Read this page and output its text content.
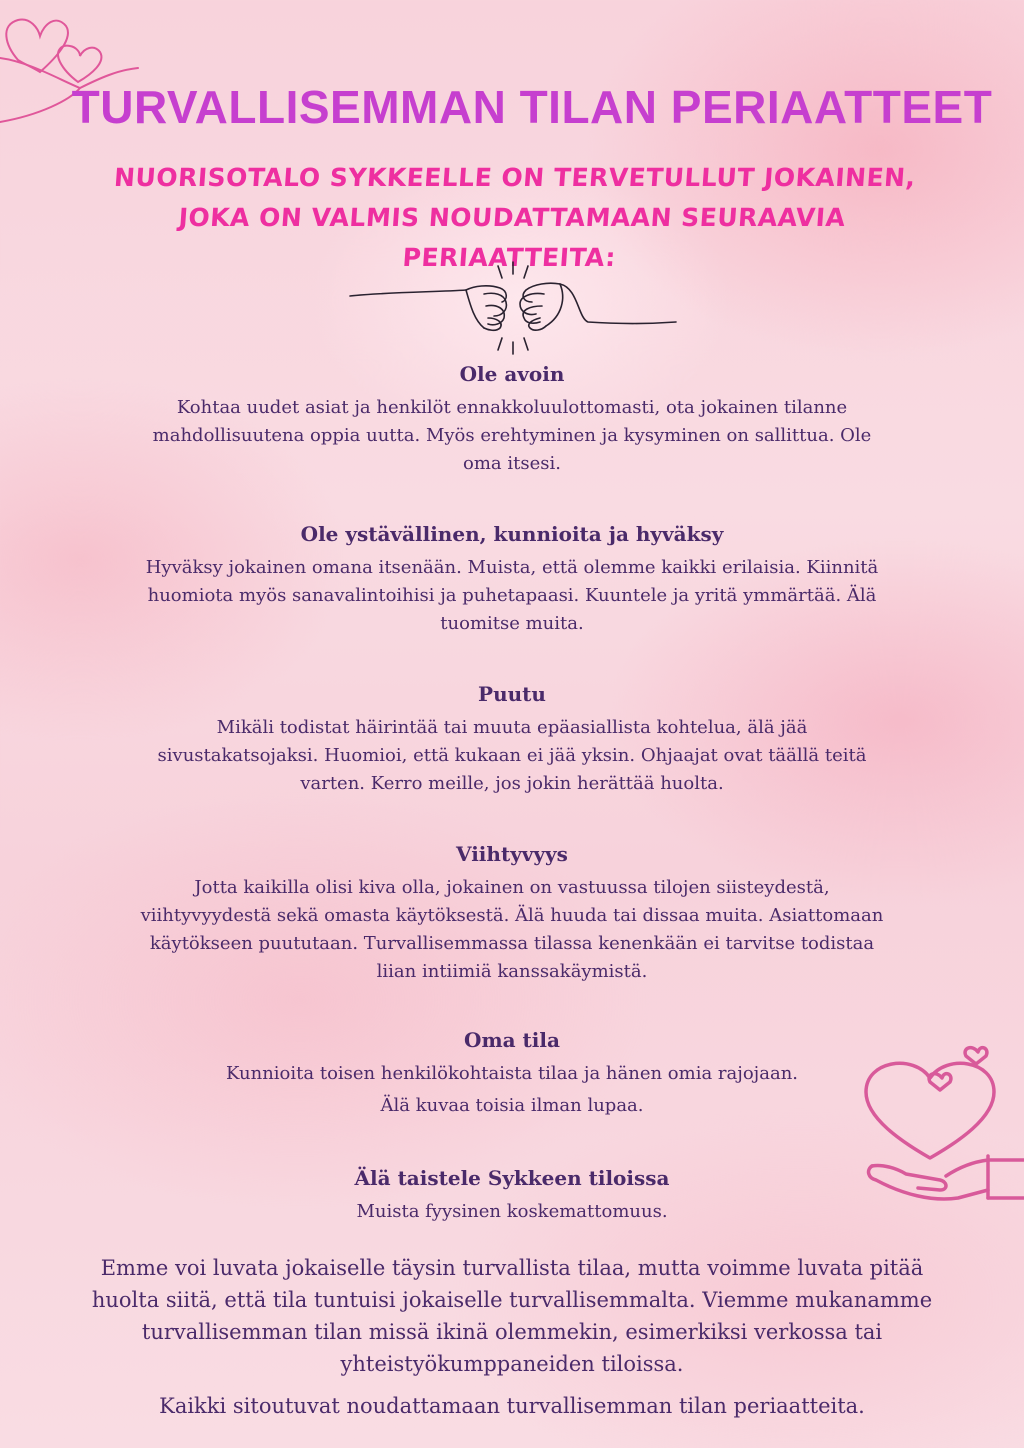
TURVALLISEMMAN TILAN PERIAATTEET
NUORISOTALO SYKKEELLE ON TERVETULLUT JOKAINEN, JOKA ON VALMIS NOUDATTAMAAN SEURAAVIA PERIAATTEITA:
Ole avoin

Kohtaa uudet asiat ja henkilöt ennakkoluulottomasti, ota jokainen tilanne mahdollisuutena oppia uutta. Myös erehtyminen ja kysyminen on sallittua. Ole oma itsesi.

Ole ystävällinen, kunnioita ja hyväksy

Hyväksy jokainen omana itsenään. Muista, että olemme kaikki erilaisia. Kiinnitä huomiota myös sanavalintoihisi ja puhetapaasi. Kuuntele ja yritä ymmärtää. Älä tuomitse muita.

Puutu

Mikäli todistat häirintää tai muuta epäasiallista kohtelua, älä jää sivustakatsojaksi. Huomioi, että kukaan ei jää yksin. Ohjaajat ovat täällä teitä varten. Kerro meille, jos jokin herättää huolta.

Viihtyvyys

Jotta kaikilla olisi kiva olla, jokainen on vastuussa tilojen siisteydestä, viihtyvyydestä sekä omasta käytöksestä. Älä huuda tai dissaa muita. Asiattomaan käytökseen puututaan. Turvallisemmassa tilassa kenenkään ei tarvitse todistaa liian intiimiä kanssakäymistä.

Oma tila

Kunnioita toisen henkilökohtaista tilaa ja hänen omia rajojaan.

Älä kuvaa toisia ilman lupaa.

Älä taistele Sykkeen tiloissa

Muista fyysinen koskemattomuus.

Emme voi luvata jokaiselle täysin turvallista tilaa, mutta voimme luvata pitää huolta siitä, että tila tuntuisi jokaiselle turvallisemmalta. Viemme mukanamme turvallisemman tilan missä ikinä olemmekin, esimerkiksi verkossa tai yhteistyökumppaneiden tiloissa.

Kaikki sitoutuvat noudattamaan turvallisemman tilan periaatteita.
